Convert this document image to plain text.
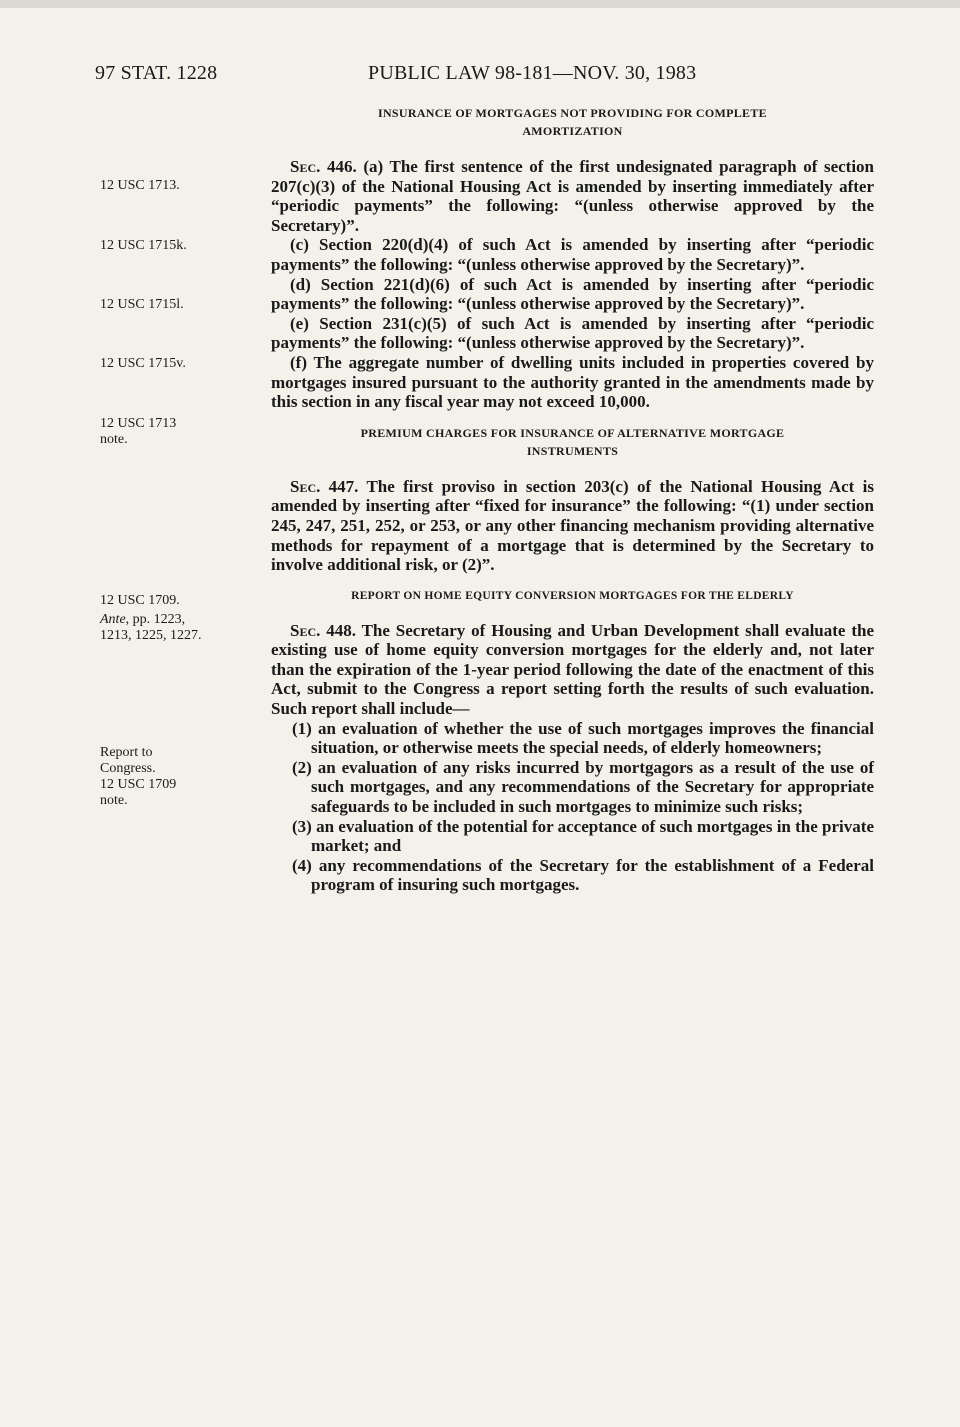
97 STAT. 1228	PUBLIC LAW 98-181—NOV. 30, 1983
12 USC 1713.
12 USC 1715k.
12 USC 1715l.
12 USC 1715v.
12 USC 1713
note.
12 USC 1709.
Ante, pp. 1223,
1213, 1225, 1227.
Report to
Congress.
12 USC 1709
note.
INSURANCE OF MORTGAGES NOT PROVIDING FOR COMPLETE
AMORTIZATION

Sec. 446. (a) The first sentence of the first undesignated paragraph of section 207(c)(3) of the National Housing Act is amended by inserting immediately after “periodic payments” the following: “(unless otherwise approved by the Secretary)”.

(c) Section 220(d)(4) of such Act is amended by inserting after “periodic payments” the following: “(unless otherwise approved by the Secretary)”.

(d) Section 221(d)(6) of such Act is amended by inserting after “periodic payments” the following: “(unless otherwise approved by the Secretary)”.

(e) Section 231(c)(5) of such Act is amended by inserting after “periodic payments” the following: “(unless otherwise approved by the Secretary)”.

(f) The aggregate number of dwelling units included in properties covered by mortgages insured pursuant to the authority granted in the amendments made by this section in any fiscal year may not exceed 10,000.

PREMIUM CHARGES FOR INSURANCE OF ALTERNATIVE MORTGAGE
INSTRUMENTS

Sec. 447. The first proviso in section 203(c) of the National Housing Act is amended by inserting after “fixed for insurance” the following: “(1) under section 245, 247, 251, 252, or 253, or any other financing mechanism providing alternative methods for repayment of a mortgage that is determined by the Secretary to involve additional risk, or (2)”.

REPORT ON HOME EQUITY CONVERSION MORTGAGES FOR THE ELDERLY

Sec. 448. The Secretary of Housing and Urban Development shall evaluate the existing use of home equity conversion mortgages for the elderly and, not later than the expiration of the 1-year period following the date of the enactment of this Act, submit to the Congress a report setting forth the results of such evaluation. Such report shall include—

(1) an evaluation of whether the use of such mortgages improves the financial situation, or otherwise meets the special needs, of elderly homeowners;

(2) an evaluation of any risks incurred by mortgagors as a result of the use of such mortgages, and any recommendations of the Secretary for appropriate safeguards to be included in such mortgages to minimize such risks;

(3) an evaluation of the potential for acceptance of such mortgages in the private market; and

(4) any recommendations of the Secretary for the establishment of a Federal program of insuring such mortgages.
